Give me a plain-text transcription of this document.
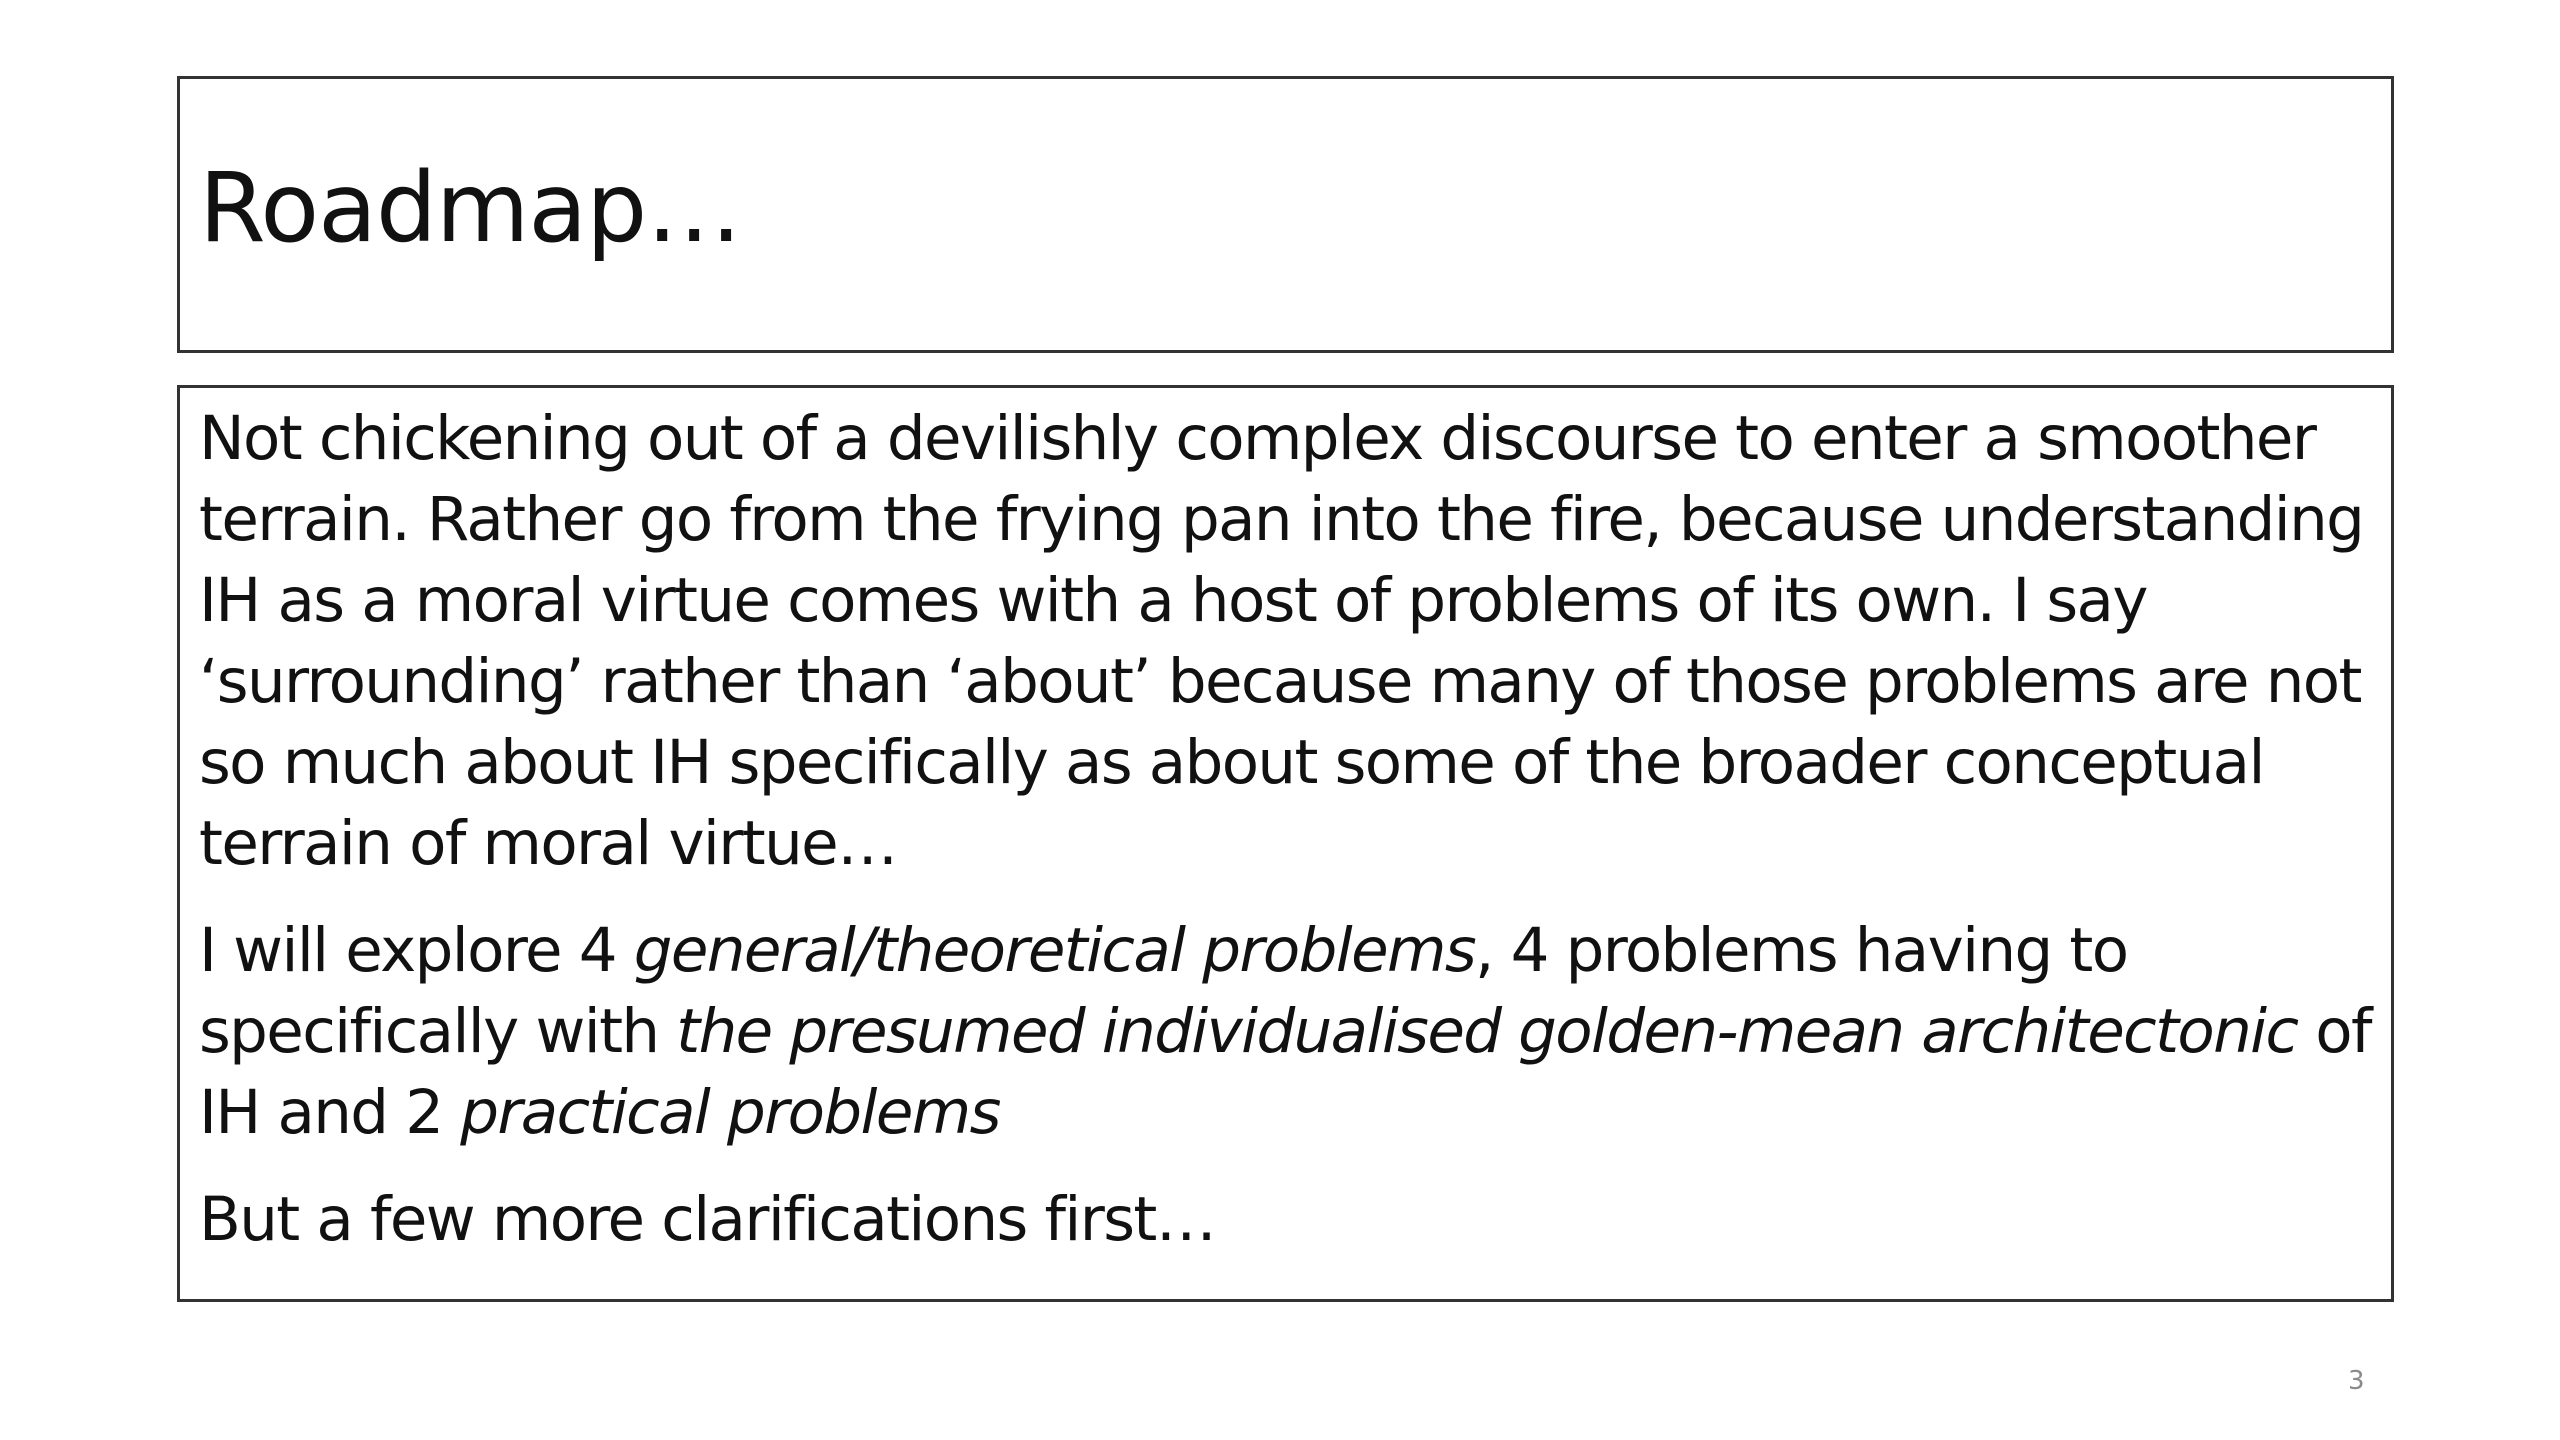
Roadmap…

Not chickening out of a devilishly complex discourse to enter a smoother terrain. Rather go from the frying pan into the fire, because understanding IH as a moral virtue comes with a host of problems of its own. I say ‘surrounding’ rather than ‘about’ because many of those problems are not so much about IH specifically as about some of the broader conceptual terrain of moral virtue…

I will explore 4 general/theoretical problems, 4 problems having to specifically with the presumed individualised golden-mean architectonic of IH and 2 practical problems

But a few more clarifications first…

3
